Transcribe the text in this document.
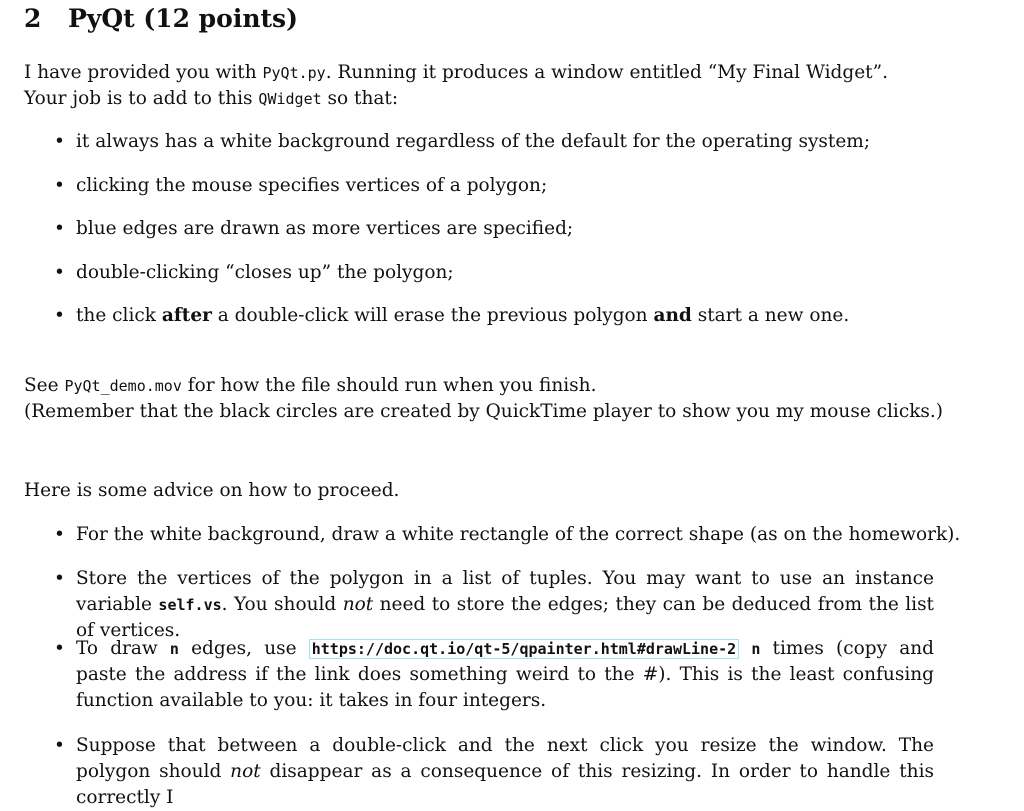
2 PyQt (12 points)
I have provided you with PyQt.py. Running it produces a window entitled “My Final Widget”.
Your job is to add to this QWidget so that:
• it always has a white background regardless of the default for the operating system;
• clicking the mouse specifies vertices of a polygon;
• blue edges are drawn as more vertices are specified;
• double-clicking “closes up” the polygon;
• the click after a double-click will erase the previous polygon and start a new one.
See PyQt_demo.mov for how the file should run when you finish.
(Remember that the black circles are created by QuickTime player to show you my mouse clicks.)
Here is some advice on how to proceed.
• For the white background, draw a white rectangle of the correct shape (as on the homework).
• Store the vertices of the polygon in a list of tuples. You may want to use an instance variable self.vs. You should not need to store the edges; they can be deduced from the list of vertices.
• To draw n edges, use https://doc.qt.io/qt-5/qpainter.html#drawLine-2 n times (copy and paste the address if the link does something weird to the #). This is the least confusing function available to you: it takes in four integers.
• Suppose that between a double-click and the next click you resize the window. The polygon should not disappear as a consequence of this resizing. In order to handle this correctly I
